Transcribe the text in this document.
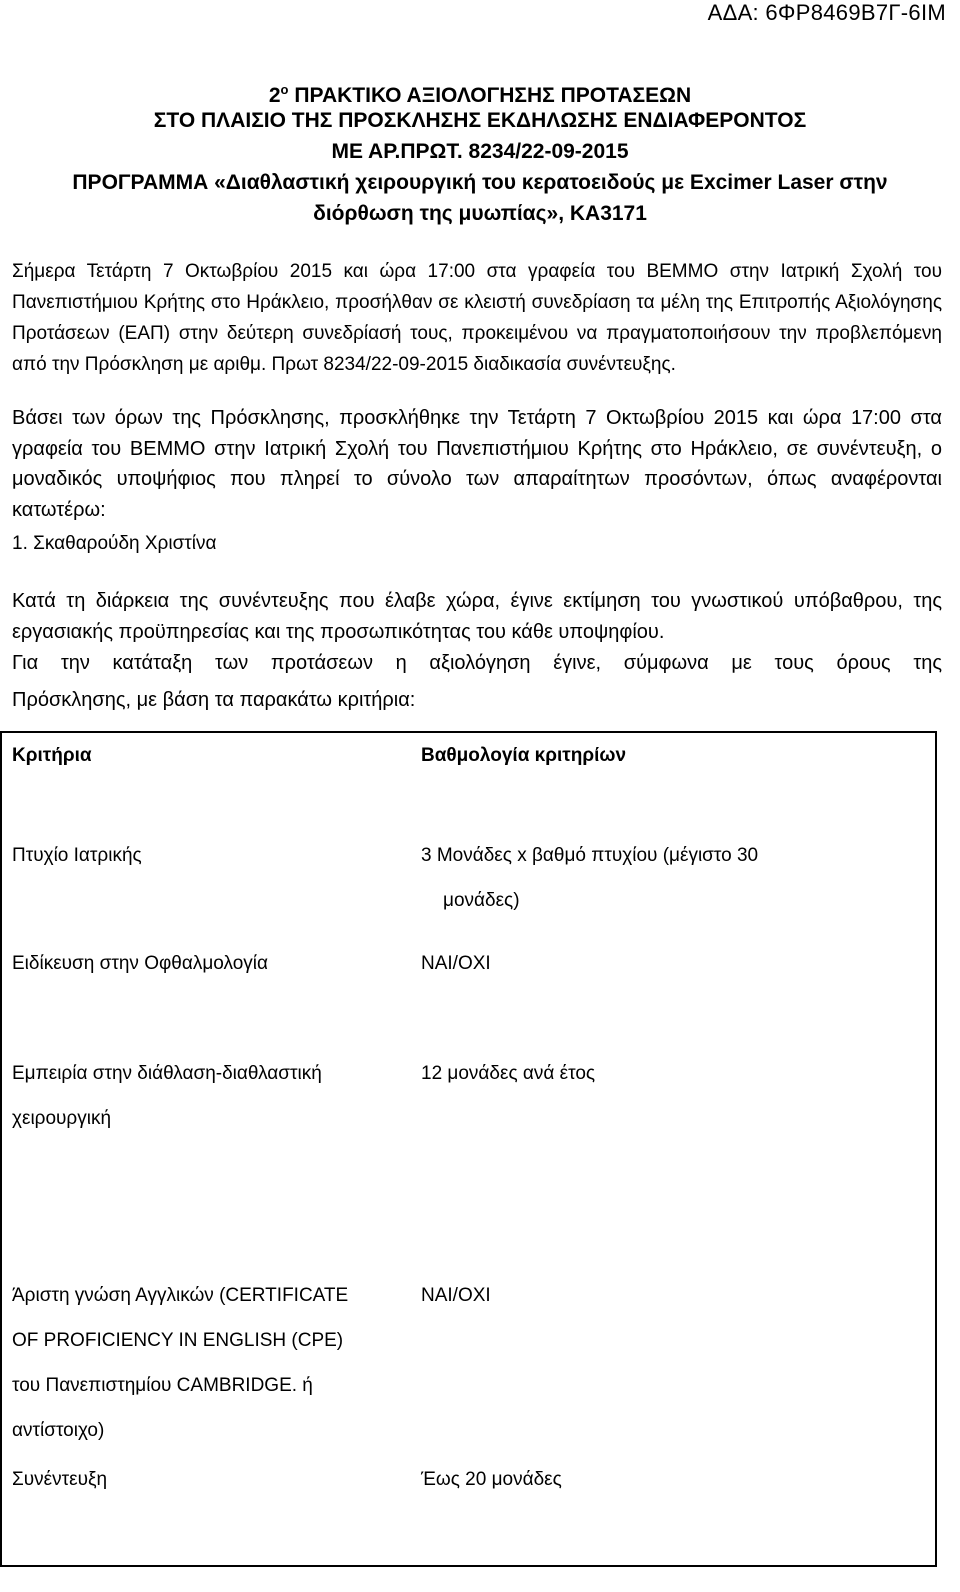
ΑΔΑ: 6ΦΡ8469Β7Γ-6ΙΜ
$2^o$ ΠΡΑΚΤΙΚΟ ΑΞΙΟΛΟΓΗΣΗΣ ΠΡΟΤΑΣΕΩΝ
ΣΤΟ ΠΛΑΙΣΙΟ ΤΗΣ ΠΡΟΣΚΛΗΣΗΣ ΕΚΔΗΛΩΣΗΣ ΕΝΔΙΑΦΕΡΟΝΤΟΣ
ΜΕ ΑΡ.ΠΡΩΤ. 8234/22-09-2015
ΠΡΟΓΡΑΜΜΑ «Διαθλαστική χειρουργική του κερατοειδούς με Excimer Laser στην
διόρθωση της μυωπίας», ΚΑ3171

Σήμερα Τετάρτη 7 Οκτωβρίου 2015 και ώρα 17:00 στα γραφεία του ΒΕΜΜΟ στην Ιατρική Σχολή του Πανεπιστήμιου Κρήτης στο Ηράκλειο, προσήλθαν σε κλειστή συνεδρίαση τα μέλη της Επιτροπής Αξιολόγησης Προτάσεων (ΕΑΠ) στην δεύτερη συνεδρίασή τους, προκειμένου να πραγματοποιήσουν την προβλεπόμενη από την Πρόσκληση με αριθμ. Πρωτ 8234/22-09-2015 διαδικασία συνέντευξης.

Βάσει των όρων της Πρόσκλησης, προσκλήθηκε την Τετάρτη 7 Οκτωβρίου 2015 και ώρα 17:00 στα γραφεία του ΒΕΜΜΟ στην Ιατρική Σχολή του Πανεπιστήμιου Κρήτης στο Ηράκλειο, σε συνέντευξη, ο μοναδικός υποψήφιος που πληρεί το σύνολο των απαραίτητων προσόντων, όπως αναφέρονται κατωτέρω:

1. Σκαθαρούδη Χριστίνα

Κατά τη διάρκεια της συνέντευξης που έλαβε χώρα, έγινε εκτίμηση του γνωστικού υπόβαθρου, της εργασιακής προϋπηρεσίας και της προσωπικότητας του κάθε υποψηφίου.

Για την κατάταξη των προτάσεων η αξιολόγηση έγινε, σύμφωνα με τους όρους της
Πρόσκλησης, με βάση τα παρακάτω κριτήρια:
Κριτήρια	Βαθμολογία κριτηρίων
Πτυχίο Ιατρικής	3 Μονάδες x βαθμό πτυχίου (μέγιστο 30
μονάδες)

Ειδίκευση στην Οφθαλμολογία	ΝΑΙ/ΟΧΙ

Εμπειρία στην διάθλαση-διαθλαστική
χειρουργική	12 μονάδες ανά έτος

Άριστη γνώση Αγγλικών (CERTIFICATE
OF PROFICIENCY IN ENGLISH (CPE)
του Πανεπιστημίου CAMBRIDGE. ή
αντίστοιχο)	ΝΑΙ/ΟΧΙ
Συνέντευξη	Έως 20 μονάδες
